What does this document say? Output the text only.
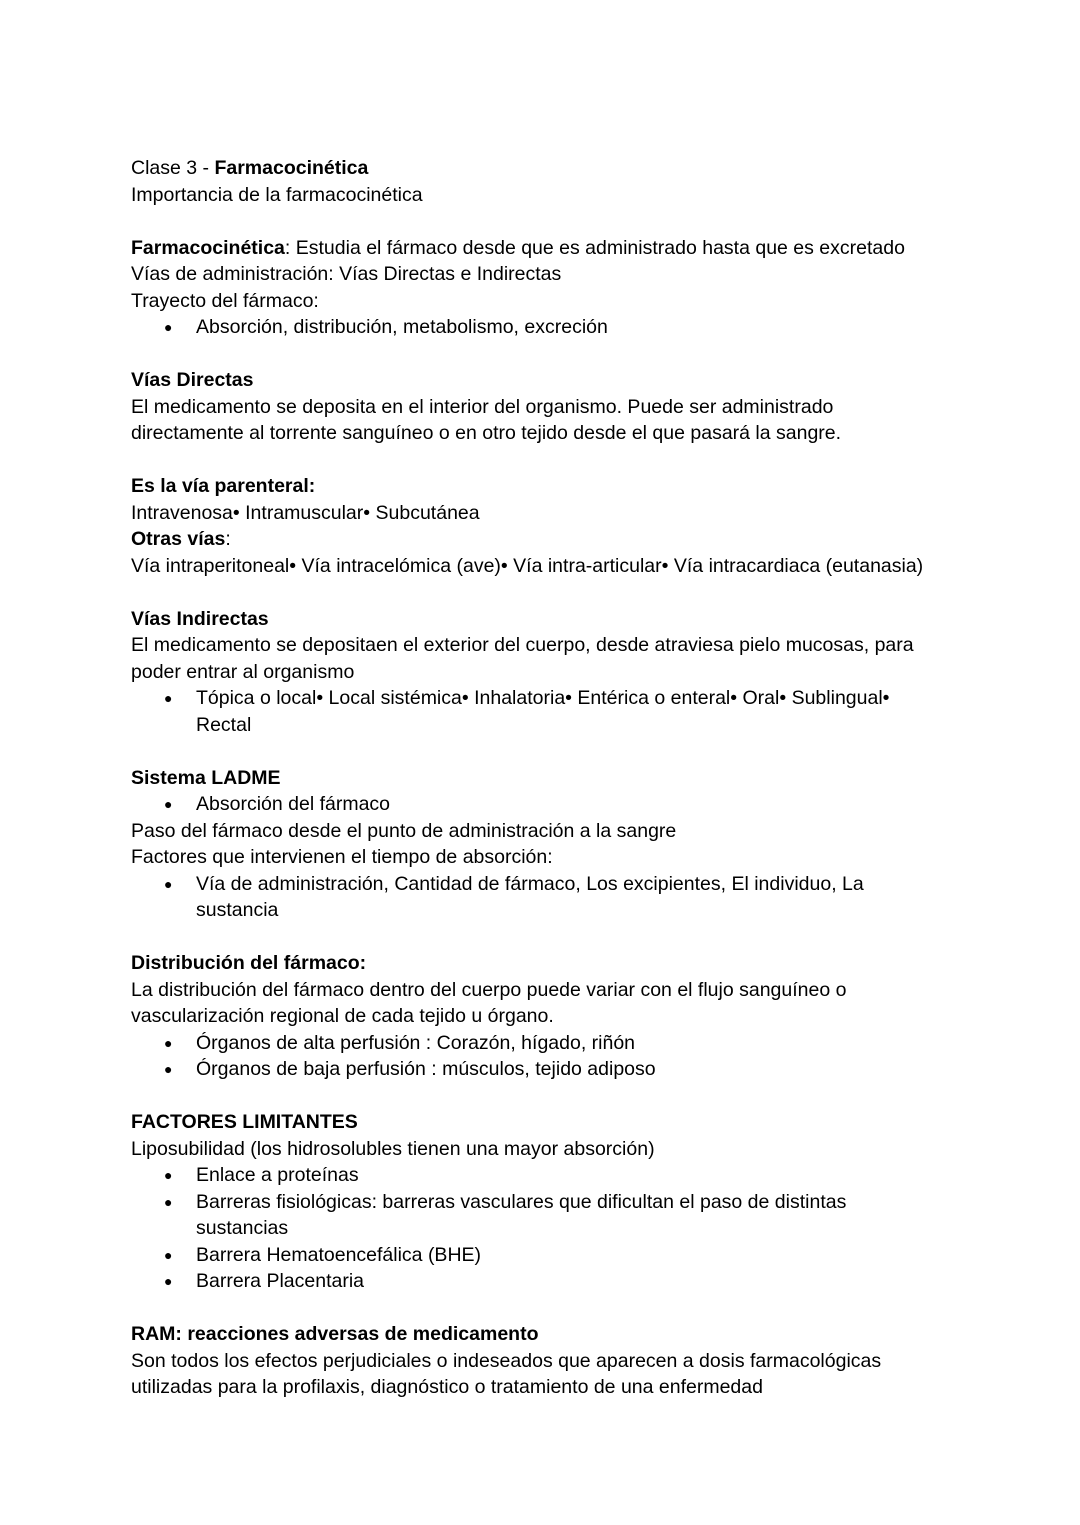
Clase 3 - Farmacocinética

Importancia de la farmacocinética

Farmacocinética: Estudia el fármaco desde que es administrado hasta que es excretado

Vías de administración: Vías Directas e Indirectas

Trayecto del fármaco:

● Absorción, distribución, metabolismo, excreción

Vías Directas

El medicamento se deposita en el interior del organismo. Puede ser administrado

directamente al torrente sanguíneo o en otro tejido desde el que pasará la sangre.

Es la vía parenteral:

Intravenosa• Intramuscular• Subcutánea

Otras vías:

Vía intraperitoneal• Vía intracelómica (ave)• Vía intra-articular• Vía intracardiaca (eutanasia)

Vías Indirectas

El medicamento se depositaen el exterior del cuerpo, desde atraviesa pielo mucosas, para

poder entrar al organismo

● Tópica o local• Local sistémica• Inhalatoria• Entérica o enteral• Oral• Sublingual•
Rectal

Sistema LADME

● Absorción del fármaco

Paso del fármaco desde el punto de administración a la sangre

Factores que intervienen el tiempo de absorción:

● Vía de administración, Cantidad de fármaco, Los excipientes, El individuo, La
sustancia

Distribución del fármaco:

La distribución del fármaco dentro del cuerpo puede variar con el flujo sanguíneo o

vascularización regional de cada tejido u órgano.

● Órganos de alta perfusión : Corazón, hígado, riñón
● Órganos de baja perfusión : músculos, tejido adiposo

FACTORES LIMITANTES

Liposubilidad (los hidrosolubles tienen una mayor absorción)

● Enlace a proteínas
● Barreras fisiológicas: barreras vasculares que dificultan el paso de distintas
sustancias
● Barrera Hematoencefálica (BHE)
● Barrera Placentaria

RAM: reacciones adversas de medicamento

Son todos los efectos perjudiciales o indeseados que aparecen a dosis farmacológicas

utilizadas para la profilaxis, diagnóstico o tratamiento de una enfermedad
